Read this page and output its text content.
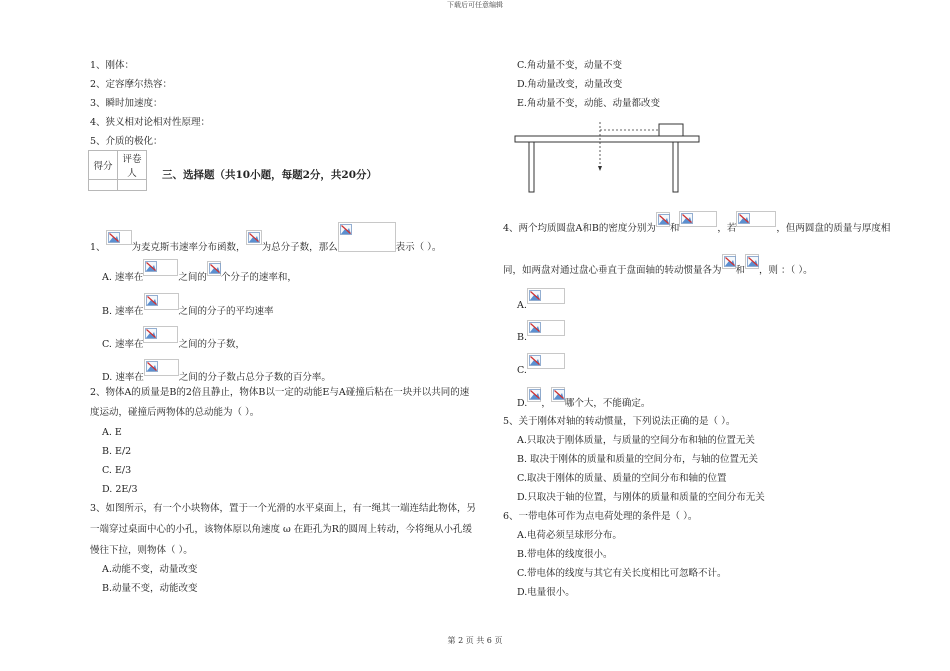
下载后可任意编辑
第 2 页 共 6 页
1、刚体：
2、定容摩尔热容：
3、瞬时加速度：
4、狭义相对论相对性原理：
5、介质的极化：
得分	评卷人
	三、选择题（共10小题，每题2分，共20分）
1、	为麦克斯韦速率分布函数， 为总分子数，那么	表示（ ）。
A. 速率在	之间的 个分子的速率和，
B. 速率在	之间的分子的平均速率
C. 速率在	之间的分子数，
D. 速率在	之间的分子数占总分子数的百分率。
2、物体A的质量是B的2倍且静止，物体B以一定的动能E与A碰撞后粘在一块并以共同的速
度运动，碰撞后两物体的总动能为（ ）。
A. E
B. E/2
C. E/3
D. 2E/3
3、如图所示，有一个小块物体，置于一个光滑的水平桌面上，有一绳其一端连结此物体，另
一端穿过桌面中心的小孔，该物体原以角速度 ω 在距孔为R的圆周上转动，今将绳从小孔缓
慢往下拉，则物体（ ）。
A.动能不变，动量改变
B.动量不变，动能改变
C.角动量不变，动量不变
D.角动量改变，动量改变
E.角动量不变，动能、动量都改变
4、两个均质圆盘A和B的密度分别为 和	，若	，但两圆盘的质量与厚度相
同，如两盘对通过盘心垂直于盘面轴的转动惯量各为 和 ，则 ：（ ）。
A.
B.
C.
D. ， 哪个大，不能确定。
5、关于刚体对轴的转动惯量，下列说法正确的是（ ）。
A.只取决于刚体质量，与质量的空间分布和轴的位置无关
B. 取决于刚体的质量和质量的空间分布，与轴的位置无关
C.取决于刚体的质量、质量的空间分布和轴的位置
D.只取决于轴的位置，与刚体的质量和质量的空间分布无关
6、一带电体可作为点电荷处理的条件是（ ）。
A.电荷必须呈球形分布。
B.带电体的线度很小。
C.带电体的线度与其它有关长度相比可忽略不计。
D.电量很小。
